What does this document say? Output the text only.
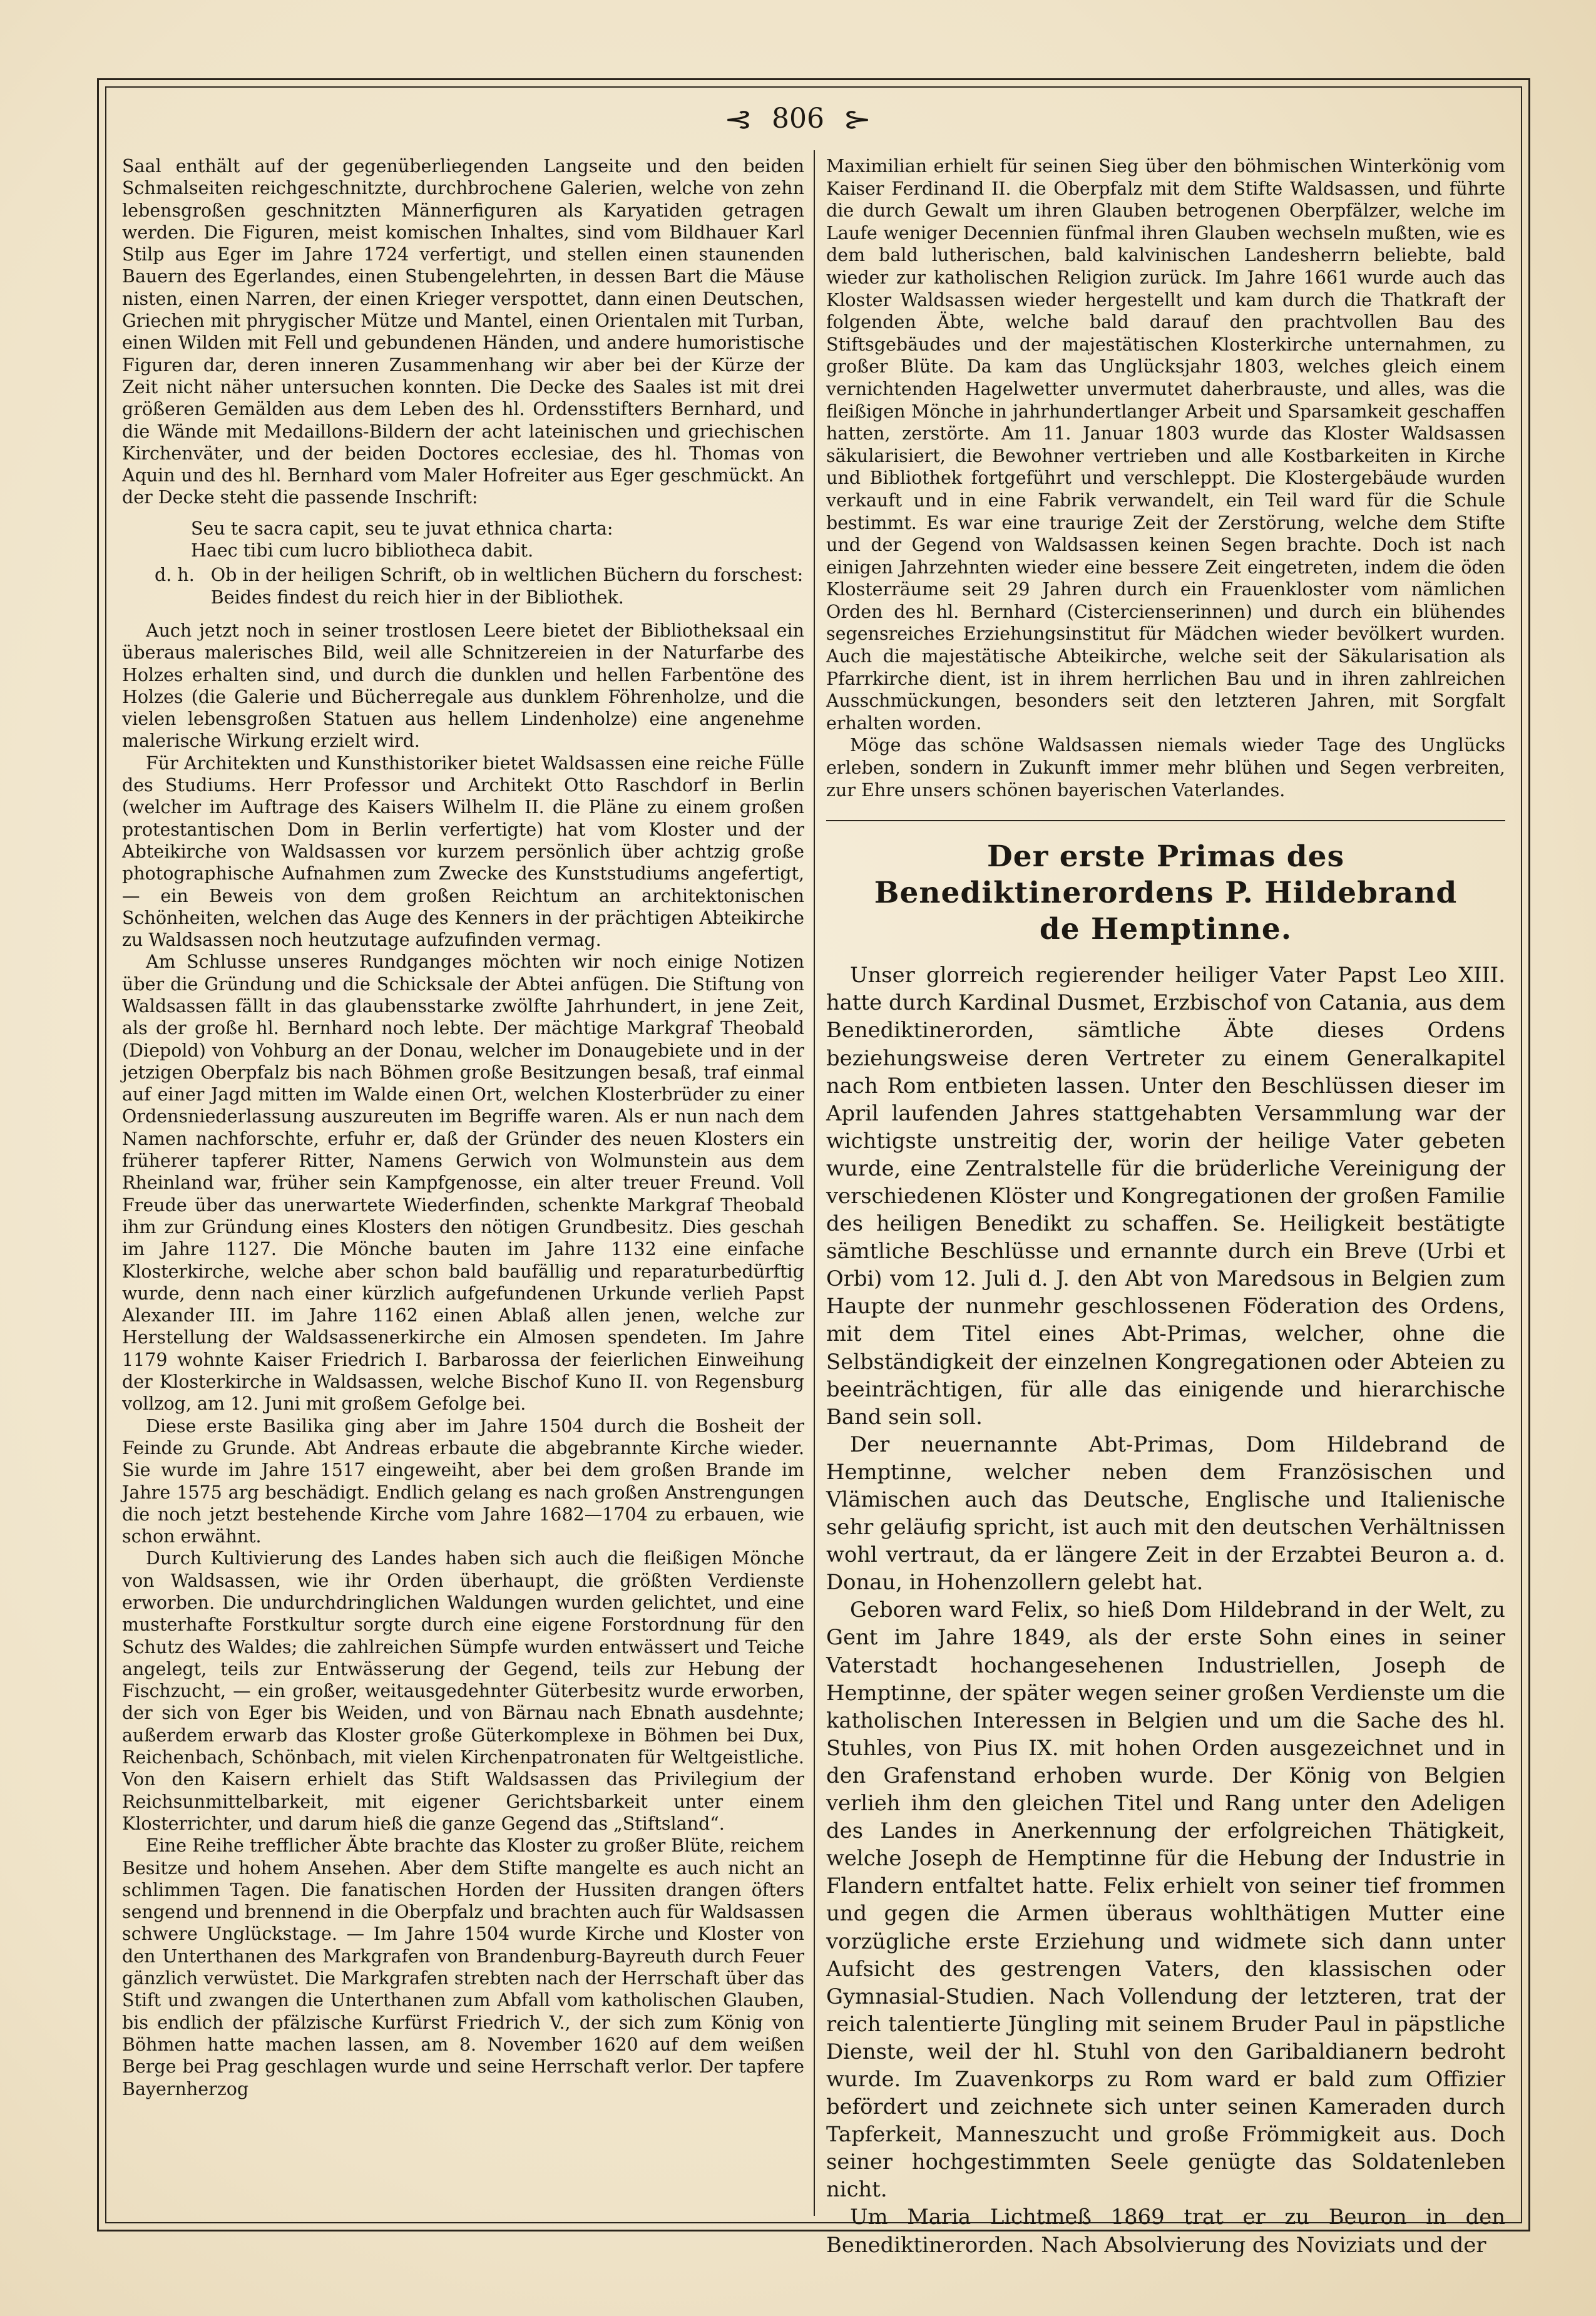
⊰ 806 ⊱

Saal enthält auf der gegenüberliegenden Langseite und den beiden Schmalseiten reichgeschnitzte, durchbrochene Galerien, welche von zehn lebensgroßen geschnitzten Männerfiguren als Karyatiden getragen werden. Die Figuren, meist komischen Inhaltes, sind vom Bildhauer Karl Stilp aus Eger im Jahre 1724 verfertigt, und stellen einen staunenden Bauern des Egerlandes, einen Stubengelehrten, in dessen Bart die Mäuse nisten, einen Narren, der einen Krieger verspottet, dann einen Deutschen, Griechen mit phrygischer Mütze und Mantel, einen Orientalen mit Turban, einen Wilden mit Fell und gebundenen Händen, und andere humoristische Figuren dar, deren inneren Zusammenhang wir aber bei der Kürze der Zeit nicht näher untersuchen konnten. Die Decke des Saales ist mit drei größeren Gemälden aus dem Leben des hl. Ordensstifters Bernhard, und die Wände mit Medaillons-Bildern der acht lateinischen und griechischen Kirchenväter, und der beiden Doctores ecclesiae, des hl. Thomas von Aquin und des hl. Bernhard vom Maler Hofreiter aus Eger geschmückt. An der Decke steht die passende Inschrift:

Seu te sacra capit, seu te juvat ethnica charta:

Haec tibi cum lucro bibliotheca dabit.

d. h. Ob in der heiligen Schrift, ob in weltlichen Büchern du forschest: Beides findest du reich hier in der Bibliothek.

Auch jetzt noch in seiner trostlosen Leere bietet der Bibliotheksaal ein überaus malerisches Bild, weil alle Schnitzereien in der Naturfarbe des Holzes erhalten sind, und durch die dunklen und hellen Farbentöne des Holzes (die Galerie und Bücherregale aus dunklem Föhrenholze, und die vielen lebensgroßen Statuen aus hellem Lindenholze) eine angenehme malerische Wirkung erzielt wird.

Für Architekten und Kunsthistoriker bietet Waldsassen eine reiche Fülle des Studiums. Herr Professor und Architekt Otto Raschdorf in Berlin (welcher im Auftrage des Kaisers Wilhelm II. die Pläne zu einem großen protestantischen Dom in Berlin verfertigte) hat vom Kloster und der Abteikirche von Waldsassen vor kurzem persönlich über achtzig große photographische Aufnahmen zum Zwecke des Kunststudiums angefertigt, — ein Beweis von dem großen Reichtum an architektonischen Schönheiten, welchen das Auge des Kenners in der prächtigen Abteikirche zu Waldsassen noch heutzutage aufzufinden vermag.

Am Schlusse unseres Rundganges möchten wir noch einige Notizen über die Gründung und die Schicksale der Abtei anfügen. Die Stiftung von Waldsassen fällt in das glaubensstarke zwölfte Jahrhundert, in jene Zeit, als der große hl. Bernhard noch lebte. Der mächtige Markgraf Theobald (Diepold) von Vohburg an der Donau, welcher im Donaugebiete und in der jetzigen Oberpfalz bis nach Böhmen große Besitzungen besaß, traf einmal auf einer Jagd mitten im Walde einen Ort, welchen Klosterbrüder zu einer Ordensniederlassung auszureuten im Begriffe waren. Als er nun nach dem Namen nachforschte, erfuhr er, daß der Gründer des neuen Klosters ein früherer tapferer Ritter, Namens Gerwich von Wolmunstein aus dem Rheinland war, früher sein Kampfgenosse, ein alter treuer Freund. Voll Freude über das unerwartete Wiederfinden, schenkte Markgraf Theobald ihm zur Gründung eines Klosters den nötigen Grundbesitz. Dies geschah im Jahre 1127. Die Mönche bauten im Jahre 1132 eine einfache Klosterkirche, welche aber schon bald baufällig und reparaturbedürftig wurde, denn nach einer kürzlich aufgefundenen Urkunde verlieh Papst Alexander III. im Jahre 1162 einen Ablaß allen jenen, welche zur Herstellung der Waldsassenerkirche ein Almosen spendeten. Im Jahre 1179 wohnte Kaiser Friedrich I. Barbarossa der feierlichen Einweihung der Klosterkirche in Waldsassen, welche Bischof Kuno II. von Regensburg vollzog, am 12. Juni mit großem Gefolge bei.

Diese erste Basilika ging aber im Jahre 1504 durch die Bosheit der Feinde zu Grunde. Abt Andreas erbaute die abgebrannte Kirche wieder. Sie wurde im Jahre 1517 eingeweiht, aber bei dem großen Brande im Jahre 1575 arg beschädigt. Endlich gelang es nach großen Anstrengungen die noch jetzt bestehende Kirche vom Jahre 1682—1704 zu erbauen, wie schon erwähnt.

Durch Kultivierung des Landes haben sich auch die fleißigen Mönche von Waldsassen, wie ihr Orden überhaupt, die größten Verdienste erworben. Die undurchdringlichen Waldungen wurden gelichtet, und eine musterhafte Forstkultur sorgte durch eine eigene Forstordnung für den Schutz des Waldes; die zahlreichen Sümpfe wurden entwässert und Teiche angelegt, teils zur Entwässerung der Gegend, teils zur Hebung der Fischzucht, — ein großer, weitausgedehnter Güterbesitz wurde erworben, der sich von Eger bis Weiden, und von Bärnau nach Ebnath ausdehnte; außerdem erwarb das Kloster große Güterkomplexe in Böhmen bei Dux, Reichenbach, Schönbach, mit vielen Kirchenpatronaten für Weltgeistliche. Von den Kaisern erhielt das Stift Waldsassen das Privilegium der Reichsunmittelbarkeit, mit eigener Gerichtsbarkeit unter einem Klosterrichter, und darum hieß die ganze Gegend das „Stiftsland“.

Eine Reihe trefflicher Äbte brachte das Kloster zu großer Blüte, reichem Besitze und hohem Ansehen. Aber dem Stifte mangelte es auch nicht an schlimmen Tagen. Die fanatischen Horden der Hussiten drangen öfters sengend und brennend in die Oberpfalz und brachten auch für Waldsassen schwere Unglückstage. — Im Jahre 1504 wurde Kirche und Kloster von den Unterthanen des Markgrafen von Brandenburg-Bayreuth durch Feuer gänzlich verwüstet. Die Markgrafen strebten nach der Herrschaft über das Stift und zwangen die Unterthanen zum Abfall vom katholischen Glauben, bis endlich der pfälzische Kurfürst Friedrich V., der sich zum König von Böhmen hatte machen lassen, am 8. November 1620 auf dem weißen Berge bei Prag geschlagen wurde und seine Herrschaft verlor. Der tapfere Bayernherzog

Maximilian erhielt für seinen Sieg über den böhmischen Winterkönig vom Kaiser Ferdinand II. die Oberpfalz mit dem Stifte Waldsassen, und führte die durch Gewalt um ihren Glauben betrogenen Oberpfälzer, welche im Laufe weniger Decennien fünfmal ihren Glauben wechseln mußten, wie es dem bald lutherischen, bald kalvinischen Landesherrn beliebte, bald wieder zur katholischen Religion zurück. Im Jahre 1661 wurde auch das Kloster Waldsassen wieder hergestellt und kam durch die Thatkraft der folgenden Äbte, welche bald darauf den prachtvollen Bau des Stiftsgebäudes und der majestätischen Klosterkirche unternahmen, zu großer Blüte. Da kam das Unglücksjahr 1803, welches gleich einem vernichtenden Hagelwetter unvermutet daherbrauste, und alles, was die fleißigen Mönche in jahrhundertlanger Arbeit und Sparsamkeit geschaffen hatten, zerstörte. Am 11. Januar 1803 wurde das Kloster Waldsassen säkularisiert, die Bewohner vertrieben und alle Kostbarkeiten in Kirche und Bibliothek fortgeführt und verschleppt. Die Klostergebäude wurden verkauft und in eine Fabrik verwandelt, ein Teil ward für die Schule bestimmt. Es war eine traurige Zeit der Zerstörung, welche dem Stifte und der Gegend von Waldsassen keinen Segen brachte. Doch ist nach einigen Jahrzehnten wieder eine bessere Zeit eingetreten, indem die öden Klosterräume seit 29 Jahren durch ein Frauenkloster vom nämlichen Orden des hl. Bernhard (Cistercienserinnen) und durch ein blühendes segensreiches Erziehungsinstitut für Mädchen wieder bevölkert wurden. Auch die majestätische Abteikirche, welche seit der Säkularisation als Pfarrkirche dient, ist in ihrem herrlichen Bau und in ihren zahlreichen Ausschmückungen, besonders seit den letzteren Jahren, mit Sorgfalt erhalten worden.

Möge das schöne Waldsassen niemals wieder Tage des Unglücks erleben, sondern in Zukunft immer mehr blühen und Segen verbreiten, zur Ehre unsers schönen bayerischen Vaterlandes.

Der erste Primas des Benediktinerordens P. Hildebrand
de Hemptinne.

Unser glorreich regierender heiliger Vater Papst Leo XIII. hatte durch Kardinal Dusmet, Erzbischof von Catania, aus dem Benediktinerorden, sämtliche Äbte dieses Ordens beziehungsweise deren Vertreter zu einem Generalkapitel nach Rom entbieten lassen. Unter den Beschlüssen dieser im April laufenden Jahres stattgehabten Versammlung war der wichtigste unstreitig der, worin der heilige Vater gebeten wurde, eine Zentralstelle für die brüderliche Vereinigung der verschiedenen Klöster und Kongregationen der großen Familie des heiligen Benedikt zu schaffen. Se. Heiligkeit bestätigte sämtliche Beschlüsse und ernannte durch ein Breve (Urbi et Orbi) vom 12. Juli d. J. den Abt von Maredsous in Belgien zum Haupte der nunmehr geschlossenen Föderation des Ordens, mit dem Titel eines Abt-Primas, welcher, ohne die Selbständigkeit der einzelnen Kongregationen oder Abteien zu beeinträchtigen, für alle das einigende und hierarchische Band sein soll.

Der neuernannte Abt-Primas, Dom Hildebrand de Hemptinne, welcher neben dem Französischen und Vlämischen auch das Deutsche, Englische und Italienische sehr geläufig spricht, ist auch mit den deutschen Verhältnissen wohl vertraut, da er längere Zeit in der Erzabtei Beuron a. d. Donau, in Hohenzollern gelebt hat.

Geboren ward Felix, so hieß Dom Hildebrand in der Welt, zu Gent im Jahre 1849, als der erste Sohn eines in seiner Vaterstadt hochangesehenen Industriellen, Joseph de Hemptinne, der später wegen seiner großen Verdienste um die katholischen Interessen in Belgien und um die Sache des hl. Stuhles, von Pius IX. mit hohen Orden ausgezeichnet und in den Grafenstand erhoben wurde. Der König von Belgien verlieh ihm den gleichen Titel und Rang unter den Adeligen des Landes in Anerkennung der erfolgreichen Thätigkeit, welche Joseph de Hemptinne für die Hebung der Industrie in Flandern entfaltet hatte. Felix erhielt von seiner tief frommen und gegen die Armen überaus wohlthätigen Mutter eine vorzügliche erste Erziehung und widmete sich dann unter Aufsicht des gestrengen Vaters, den klassischen oder Gymnasial-Studien. Nach Vollendung der letzteren, trat der reich talentierte Jüngling mit seinem Bruder Paul in päpstliche Dienste, weil der hl. Stuhl von den Garibaldianern bedroht wurde. Im Zuavenkorps zu Rom ward er bald zum Offizier befördert und zeichnete sich unter seinen Kameraden durch Tapferkeit, Manneszucht und große Frömmigkeit aus. Doch seiner hochgestimmten Seele genügte das Soldatenleben nicht.

Um Maria Lichtmeß 1869 trat er zu Beuron in den Benediktinerorden. Nach Absolvierung des Noviziats und der
